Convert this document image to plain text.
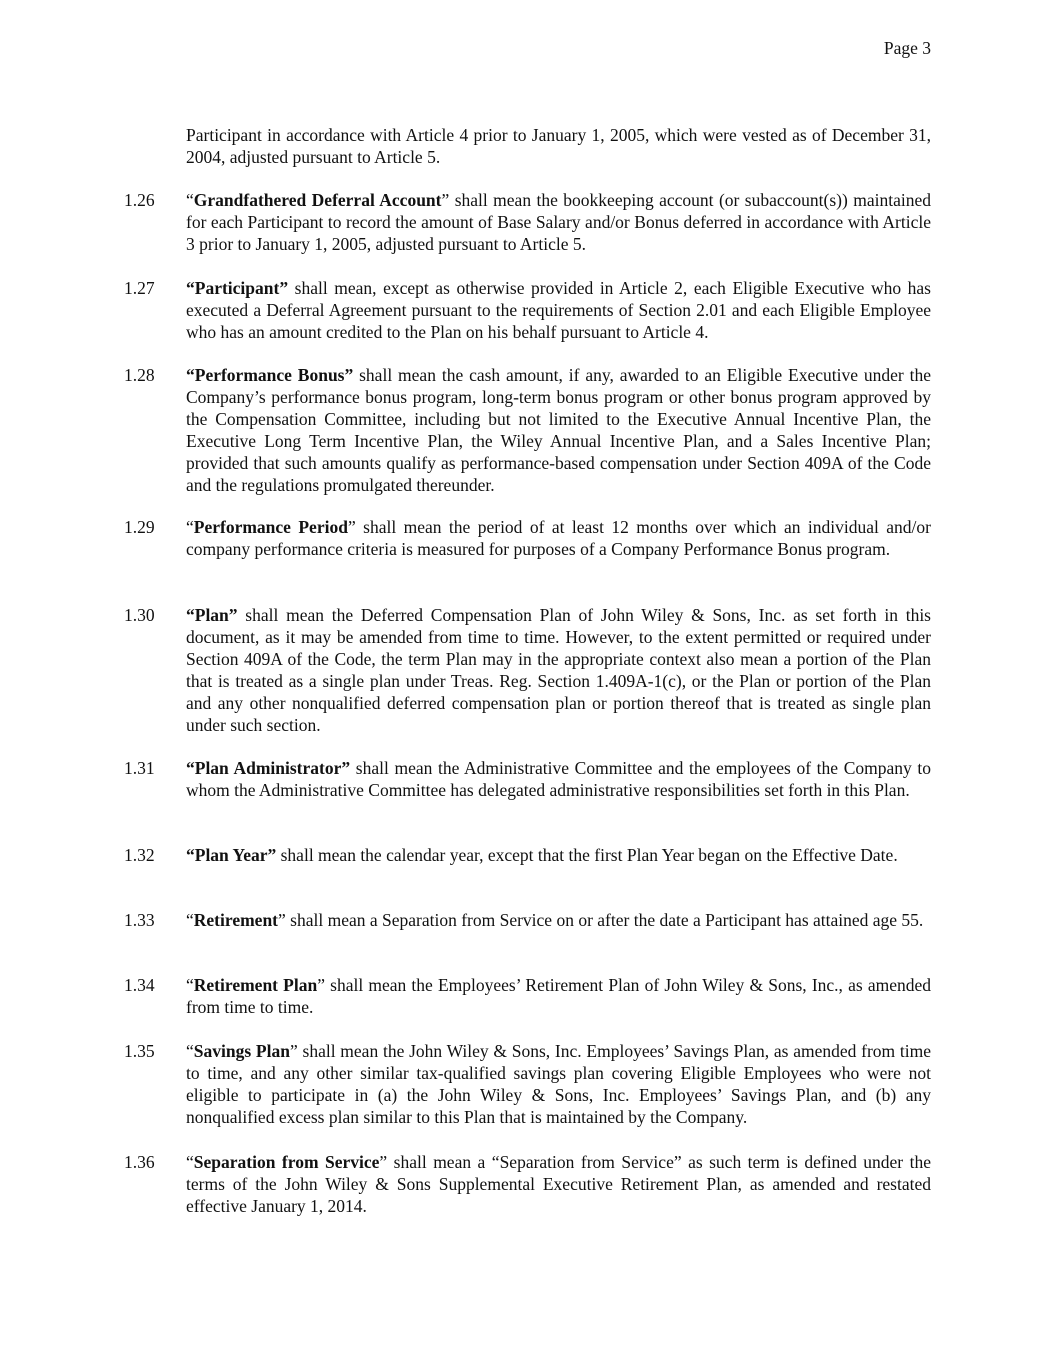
Page 3
Participant in accordance with Article 4 prior to January 1, 2005, which were vested as of December 31, 2004, adjusted pursuant to Article 5.
1.26	“Grandfathered Deferral Account” shall mean the bookkeeping account (or subaccount(s)) maintained for each Participant to record the amount of Base Salary and/or Bonus deferred in accordance with Article 3 prior to January 1, 2005, adjusted pursuant to Article 5.
1.27	“Participant” shall mean, except as otherwise provided in Article 2, each Eligible Executive who has executed a Deferral Agreement pursuant to the requirements of Section 2.01 and each Eligible Employee who has an amount credited to the Plan on his behalf pursuant to Article 4.
1.28	“Performance Bonus” shall mean the cash amount, if any, awarded to an Eligible Executive under the Company’s performance bonus program, long-term bonus program or other bonus program approved by the Compensation Committee, including but not limited to the Executive Annual Incentive Plan, the Executive Long Term Incentive Plan, the Wiley Annual Incentive Plan, and a Sales Incentive Plan; provided that such amounts qualify as performance-based compensation under Section 409A of the Code and the regulations promulgated thereunder.
1.29	“Performance Period” shall mean the period of at least 12 months over which an individual and/or company performance criteria is measured for purposes of a Company Performance Bonus program.
1.30	“Plan” shall mean the Deferred Compensation Plan of John Wiley & Sons, Inc. as set forth in this document, as it may be amended from time to time. However, to the extent permitted or required under Section 409A of the Code, the term Plan may in the appropriate context also mean a portion of the Plan that is treated as a single plan under Treas. Reg. Section 1.409A-1(c), or the Plan or portion of the Plan and any other nonqualified deferred compensation plan or portion thereof that is treated as single plan under such section.
1.31	“Plan Administrator” shall mean the Administrative Committee and the employees of the Company to whom the Administrative Committee has delegated administrative responsibilities set forth in this Plan.
1.32	“Plan Year” shall mean the calendar year, except that the first Plan Year began on the Effective Date.
1.33	“Retirement” shall mean a Separation from Service on or after the date a Participant has attained age 55.
1.34	“Retirement Plan” shall mean the Employees’ Retirement Plan of John Wiley & Sons, Inc., as amended from time to time.
1.35	“Savings Plan” shall mean the John Wiley & Sons, Inc. Employees’ Savings Plan, as amended from time to time, and any other similar tax-qualified savings plan covering Eligible Employees who were not eligible to participate in (a) the John Wiley & Sons, Inc. Employees’ Savings Plan, and (b) any nonqualified excess plan similar to this Plan that is maintained by the Company.
1.36	“Separation from Service” shall mean a “Separation from Service” as such term is defined under the terms of the John Wiley & Sons Supplemental Executive Retirement Plan, as amended and restated effective January 1, 2014.
